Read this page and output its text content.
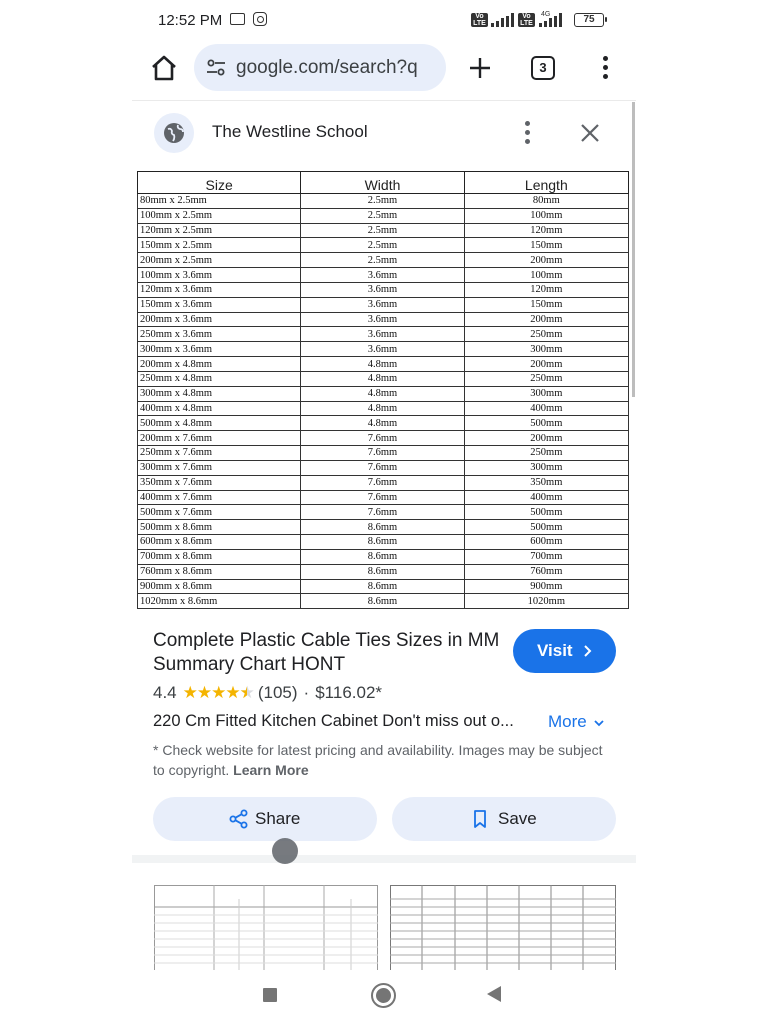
12:52 PM	Vo LTE
Vo LTE
4G	75
google.com/search?q	3
The Westline School
Size	Width	Length
80mm x 2.5mm	2.5mm	80mm
100mm x 2.5mm	2.5mm	100mm
120mm x 2.5mm	2.5mm	120mm
150mm x 2.5mm	2.5mm	150mm
200mm x 2.5mm	2.5mm	200mm
100mm x 3.6mm	3.6mm	100mm
120mm x 3.6mm	3.6mm	120mm
150mm x 3.6mm	3.6mm	150mm
200mm x 3.6mm	3.6mm	200mm
250mm x 3.6mm	3.6mm	250mm
300mm x 3.6mm	3.6mm	300mm
200mm x 4.8mm	4.8mm	200mm
250mm x 4.8mm	4.8mm	250mm
300mm x 4.8mm	4.8mm	300mm
400mm x 4.8mm	4.8mm	400mm
500mm x 4.8mm	4.8mm	500mm
200mm x 7.6mm	7.6mm	200mm
250mm x 7.6mm	7.6mm	250mm
300mm x 7.6mm	7.6mm	300mm
350mm x 7.6mm	7.6mm	350mm
400mm x 7.6mm	7.6mm	400mm
500mm x 7.6mm	7.6mm	500mm
500mm x 8.6mm	8.6mm	500mm
600mm x 8.6mm	8.6mm	600mm
700mm x 8.6mm	8.6mm	700mm
760mm x 8.6mm	8.6mm	760mm
900mm x 8.6mm	8.6mm	900mm
1020mm x 8.6mm	8.6mm	1020mm
Complete Plastic Cable Ties Sizes in MM Summary Chart HONT
Visit
4.4 ★★★★★ ★ (105) · $116.02*
220 Cm Fitted Kitchen Cabinet Don't miss out o... More
* Check website for latest pricing and availability. Images may be subject to copyright. Learn More
Share	Save
